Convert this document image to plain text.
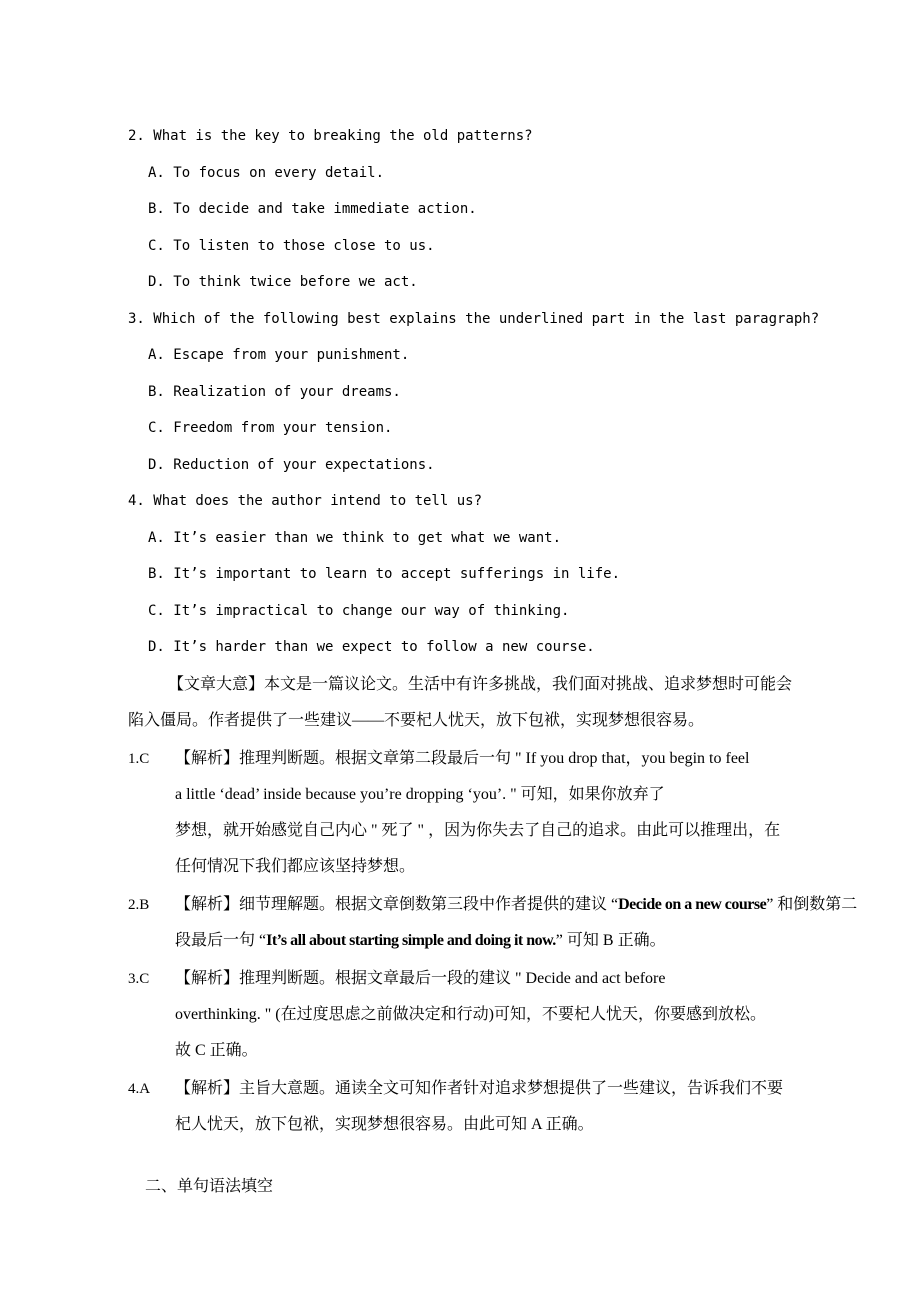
2. What is the key to breaking the old patterns?
A. To focus on every detail.
B. To decide and take immediate action.
C. To listen to those close to us.
D. To think twice before we act.
3. Which of the following best explains the underlined part in the last paragraph?
A. Escape from your punishment.
B. Realization of your dreams.
C. Freedom from your tension.
D. Reduction of your expectations.
4. What does the author intend to tell us?
A. It’s easier than we think to get what we want.
B. It’s important to learn to accept sufferings in life.
C. It’s impractical to change our way of thinking.
D. It’s harder than we expect to follow a new course.
【文章大意】本文是一篇议论文。生活中有许多挑战，我们面对挑战、追求梦想时可能会
陷入僵局。作者提供了一些建议——不要杞人忧天，放下包袱，实现梦想很容易。
1.C	【解析】推理判断题。根据文章第二段最后一句 " If you drop that，you begin to feel
a little ‘dead’ inside because you’re dropping ‘you’. " 可知，如果你放弃了
梦想，就开始感觉自己内心 " 死了 " ，因为你失去了自己的追求。由此可以推理出，在
任何情况下我们都应该坚持梦想。
2.B	【解析】细节理解题。根据文章倒数第三段中作者提供的建议 “Decide on a new course” 和倒数第二
段最后一句 “It’s all about starting simple and doing it now.” 可知 B 正确。
3.C	【解析】推理判断题。根据文章最后一段的建议 " Decide and act before
overthinking. " (在过度思虑之前做决定和行动)可知，不要杞人忧天，你要感到放松。
故 C 正确。
4.A	【解析】主旨大意题。通读全文可知作者针对追求梦想提供了一些建议，告诉我们不要
杞人忧天，放下包袱，实现梦想很容易。由此可知 A 正确。
二、单句语法填空
